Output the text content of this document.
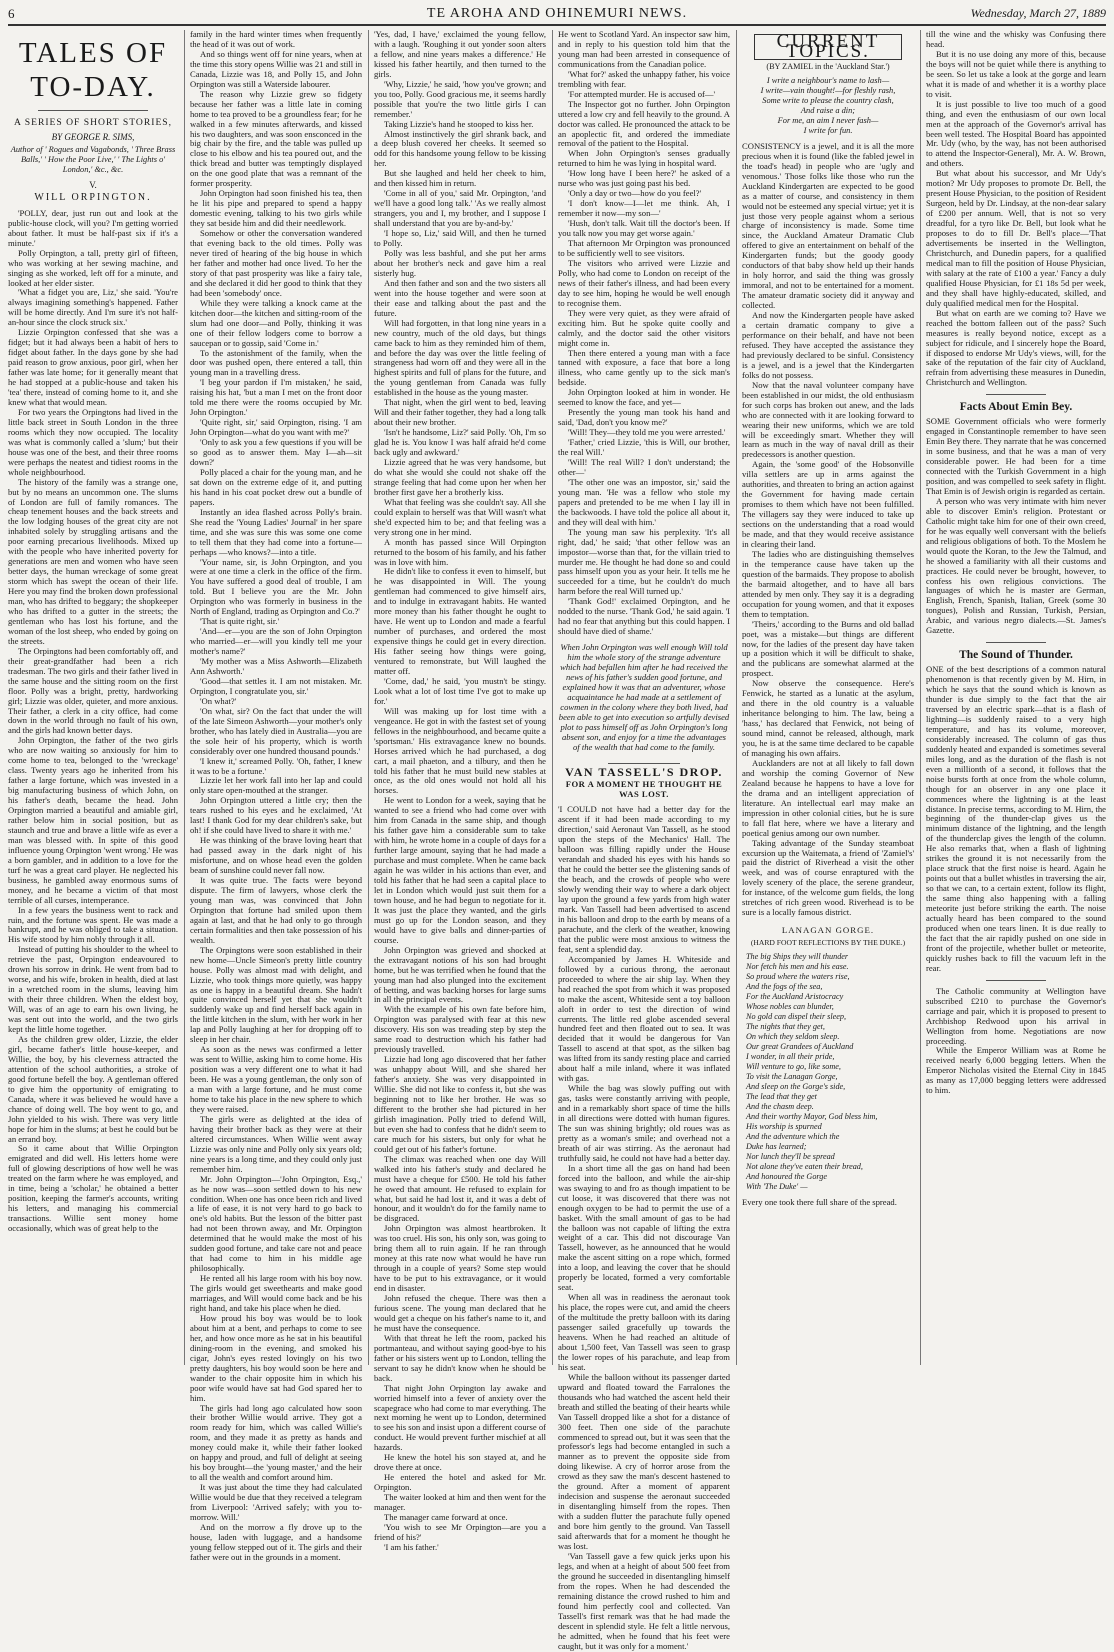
6	TE AROHA AND OHINEMURI NEWS.	Wednesday, March 27, 1889
TALES OF TO-DAY.
A SERIES OF SHORT STORIES,
BY GEORGE R. SIMS,
Author of ' Rogues and Vagabonds, ' Three Brass Balls,' ' How the Poor Live,' ' The Lights o' London,' &c., &c.
V.
WILL ORPINGTON.

'POLLY, dear, just run out and look at the public-house clock, will you? I'm getting worried about father. It must be half-past six if it's a minute.'

Polly Orpington, a tall, pretty girl of fifteen, who was working at her sewing machine, and singing as she worked, left off for a minute, and looked at her elder sister.

'What a fidget you are, Liz,' she said. 'You're always imagining something's happened. Father will be home directly. And I'm sure it's not half-an-hour since the clock struck six.'

Lizzie Orpington confessed that she was a fidget; but it had always been a habit of hers to fidget about father. In the days gone by she had paid reason to grow anxious, poor girl, when her father was late home; for it generally meant that he had stopped at a public-house and taken his 'tea' there, instead of coming home to it, and she knew what that would mean.

For two years the Orpingtons had lived in the little back street in South London in the three rooms which they now occupied. The locality was what is commonly called a 'slum;' but their house was one of the best, and their three rooms were perhaps the neatest and tidiest rooms in the whole neighbourhood.

The history of the family was a strange one, but by no means an uncommon one. The slums of London are full of family romances. The cheap tenement houses and the back streets and the low lodging houses of the great city are not inhabited solely by struggling artisans and the poor earning precarious livelihoods. Mixed up with the people who have inherited poverty for generations are men and women who have seen better days, the human wreckage of some great storm which has swept the ocean of their life. Here you may find the broken down professional man, who has drifted to beggary; the shopkeeper who has drifted to a gutter in the streets; the gentleman who has lost his fortune, and the woman of the lost sheep, who ended by going on the streets.

The Orpingtons had been comfortably off, and their great-grandfather had been a rich tradesman. The two girls and their father lived in the same house and the sitting room on the first floor. Polly was a bright, pretty, hardworking girl; Lizzie was older, quieter, and more anxious. Their father, a clerk in a city office, had come down in the world through no fault of his own, and the girls had known better days.

John Orpington, the father of the two girls who are now waiting so anxiously for him to come home to tea, belonged to the 'wreckage' class. Twenty years ago he inherited from his father a large fortune, which was invested in a big manufacturing business of which John, on his father's death, became the head. John Orpington married a beautiful and amiable girl, rather below him in social position, but as staunch and true and brave a little wife as ever a man was blessed with. In spite of this good influence young Orpington 'went wrong.' He was a born gambler, and in addition to a love for the turf he was a great card player. He neglected his business, he gambled away enormous sums of money, and he became a victim of that most terrible of all curses, intemperance.

In a few years the business went to rack and ruin, and the fortune was spent. He was made a bankrupt, and he was obliged to take a situation. His wife stood by him nobly through it all.

Instead of putting his shoulder to the wheel to retrieve the past, Orpington endeavoured to drown his sorrow in drink. He went from bad to worse, and his wife, broken in health, died at last in a wretched room in the slums, leaving him with their three children. When the eldest boy, Will, was of an age to earn his own living, he was sent out into the world, and the two girls kept the little home together.

As the children grew older, Lizzie, the elder girl, became father's little house-keeper, and Willie, the boy, by his cleverness attracted the attention of the school authorities, a stroke of good fortune befell the boy. A gentleman offered to give him the opportunity of emigrating to Canada, where it was believed he would have a chance of doing well. The boy went to go, and John yielded to his wish. There was very little hope for him in the slums; at best he could but be an errand boy.

So it came about that Willie Orpington emigrated and did well. His letters home were full of glowing descriptions of how well he was treated on the farm where he was employed, and in time, being a 'scholar,' he obtained a better position, keeping the farmer's accounts, writing his letters, and managing his commercial transactions. Willie sent money home occasionally, which was of great help to the

family in the hard winter times when frequently the head of it was out of work.

And so things went off for nine years, when at the time this story opens Willie was 21 and still in Canada, Lizzie was 18, and Polly 15, and John Orpington was still a Waterside labourer.

The reason why Lizzie grew so fidgety because her father was a little late in coming home to tea proved to be a groundless fear; for he walked in a few minutes afterwards, and kissed his two daughters, and was soon ensconced in the big chair by the fire, and the table was pulled up close to his elbow and his tea poured out, and the thick bread and butter was temptingly displayed on the one good plate that was a remnant of the former prosperity.

John Orpington had soon finished his tea, then he lit his pipe and prepared to spend a happy domestic evening, talking to his two girls while they sat beside him and did their needlework.

Somehow or other the conversation wandered that evening back to the old times. Polly was never tired of hearing of the big house in which her father and mother had once lived. To her the story of that past prosperity was like a fairy tale, and she declared it did her good to think that they had been 'somebody' once.

While they were talking a knock came at the kitchen door—the kitchen and sitting-room of the slum had one door—and Polly, thinking it was one of their fellow lodgers come to borrow a saucepan or to gossip, said 'Come in.'

To the astonishment of the family, when the door was pushed open, there entered a tall, thin young man in a travelling dress.

'I beg your pardon if I'm mistaken,' he said, raising his hat, 'but a man I met on the front door told me there were the rooms occupied by Mr. John Orpington.'

'Quite right, sir,' said Orpington, rising. 'I am John Orpington—what do you want with me?'

'Only to ask you a few questions if you will be so good as to answer them. May I—ah—sit down?'

Polly placed a chair for the young man, and he sat down on the extreme edge of it, and putting his hand in his coat pocket drew out a bundle of papers.

Instantly an idea flashed across Polly's brain. She read the 'Young Ladies' Journal' in her spare time, and she was sure this was some one come to tell them that they had come into a fortune—perhaps —who knows?—into a title.

'Your name, sir, is John Orpington, and you were at one time a clerk in the office of the firm. You have suffered a good deal of trouble, I am told. But I believe you are the Mr. John Orpington who was formerly in business in the North of England, trading as Orpington and Co.?'

'That is quite right, sir.'

'And—er—you are the son of John Orpington who married—er—will you kindly tell me your mother's name?'

'My mother was a Miss Ashworth—Elizabeth Ann Ashworth.'

'Good—that settles it. I am not mistaken. Mr. Orpington, I congratulate you, sir.'

'On what?'

'On what, sir? On the fact that under the will of the late Simeon Ashworth—your mother's only brother, who has lately died in Australia—you are the sole heir of his property, which is worth considerably over one hundred thousand pounds.'

'I knew it,' screamed Polly. 'Oh, father, I knew it was to be a fortune.'

Lizzie let her work fall into her lap and could only stare open-mouthed at the stranger.

John Orpington uttered a little cry; then the tears rushed to his eyes and he exclaimed, 'At last! I thank God for my dear children's sake, but oh! if she could have lived to share it with me.'

He was thinking of the brave loving heart that had passed away in the dark night of his misfortune, and on whose head even the golden beam of sunshine could never fall now.

It was quite true. The facts were beyond dispute. The firm of lawyers, whose clerk the young man was, was convinced that John Orpington that fortune had smiled upon them again at last, and that he had only to go through certain formalities and then take possession of his wealth.

The Orpingtons were soon established in their new home—Uncle Simeon's pretty little country house. Polly was almost mad with delight, and Lizzie, who took things more quietly, was happy as one is happy in a beautiful dream. She hadn't quite convinced herself yet that she wouldn't suddenly wake up and find herself back again in the little kitchen in the slum, with her work in her lap and Polly laughing at her for dropping off to sleep in her chair.

As soon as the news was confirmed a letter was sent to Willie, asking him to come home. His position was a very different one to what it had been. He was a young gentleman, the only son of a man with a large fortune, and he must come home to take his place in the new sphere to which they were raised.

The girls were as delighted at the idea of having their brother back as they were at their altered circumstances. When Willie went away Lizzie was only nine and Polly only six years old; nine years is a long time, and they could only just remember him.

Mr. John Orpington—'John Orpington, Esq.,' as he now was—soon settled down to his new condition. When one has once been rich and lived a life of ease, it is not very hard to go back to one's old habits. But the lesson of the bitter past had not been thrown away, and Mr. Orpington determined that he would make the most of his sudden good fortune, and take care not and peace that had come to him in his middle age philosophically.

He rented all his large room with his boy now. The girls would get sweethearts and make good marriages, and Will would come back and be his right hand, and take his place when he died.

How proud his boy was would be to look about him at a bent, and perhaps to come to see her, and how once more as he sat in his beautiful dining-room in the evening, and smoked his cigar, John's eyes rested lovingly on his two pretty daughters, his boy would soon be here and wander to the chair opposite him in which his poor wife would have sat had God spared her to him.

The girls had long ago calculated how soon their brother Willie would arrive. They got a room ready for him, which was called Willie's room, and they made it as pretty as hands and money could make it, while their father looked on happy and proud, and full of delight at seeing his boy brought—the 'young master,' and the heir to all the wealth and comfort around him.

It was just about the time they had calculated Willie would be due that they received a telegram from Liverpool: 'Arrived safely; with you to-morrow. Will.'

And on the morrow a fly drove up to the house, laden with luggage, and a handsome young fellow stepped out of it. The girls and their father were out in the grounds in a moment.

'Yes, dad, I have,' exclaimed the young fellow, with a laugh. 'Roughing it out yonder soon alters a fellow, and nine years makes a difference.' He kissed his father heartily, and then turned to the girls.

'Why, Lizzie,' he said, 'how you've grown; and you too, Polly. Good gracious me, it seems hardly possible that you're the two little girls I can remember.'

Taking Lizzie's hand he stooped to kiss her.

Almost instinctively the girl shrank back, and a deep blush covered her cheeks. It seemed so odd for this handsome young fellow to be kissing her.

But she laughed and held her cheek to him, and then kissed him in return.

'Come in all of you,' said Mr. Orpington, 'and we'll have a good long talk.' 'As we really almost strangers, you and I, my brother, and I suppose I shall understand that you are by-and-by.'

'I hope so, Liz,' said Will, and then he turned to Polly.

Polly was less bashful, and she put her arms about her brother's neck and gave him a real sisterly hug.

And then father and son and the two sisters all went into the house together and were soon at their ease and talking about the past and the future.

Will had forgotten, in that long nine years in a new country, much of the old days, but things came back to him as they reminded him of them, and before the day was over the little feeling of strangeness had worn off and they were all in the highest spirits and full of plans for the future, and the young gentleman from Canada was fully established in the house as the young master.

That night, when the girl went to bed, leaving Will and their father together, they had a long talk about their new brother.

'Isn't he handsome, Liz?' said Polly. 'Oh, I'm so glad he is. You know I was half afraid he'd come back ugly and awkward.'

Lizzie agreed that he was very handsome, but do what she would she could not shake off the strange feeling that had come upon her when her brother first gave her a brotherly kiss.

What that feeling was she couldn't say. All she could explain to herself was that Will wasn't what she'd expected him to be; and that feeling was a very strong one in her mind.

A month has passed since Will Orpington returned to the bosom of his family, and his father was in love with him.

He didn't like to confess it even to himself, but he was disappointed in Will. The young gentleman had commenced to give himself airs, and to indulge in extravagant habits. He wanted more money than his father thought he ought to have. He went up to London and made a fearful number of purchases, and ordered the most expensive things he could get in every direction. His father seeing how things were going, ventured to remonstrate, but Will laughed the matter off.

'Come, dad,' he said, 'you mustn't be stingy. Look what a lot of lost time I've got to make up for.'

Will was making up for lost time with a vengeance. He got in with the fastest set of young fellows in the neighbourhood, and became quite a 'sportsman.' His extravagance knew no bounds. Horses arrived which he had purchased, a dog cart, a mail phaeton, and a tilbury, and then he told his father that he must build new stables at once, as the old ones would not hold all his horses.

He went to London for a week, saying that he wanted to see a friend who had come over with him from Canada in the same ship, and though his father gave him a considerable sum to take with him, he wrote home in a couple of days for a further large amount, saying that he had made a purchase and must complete. When he came back again he was wilder in his actions than ever, and told his father that he had seen a capital place to let in London which would just suit them for a town house, and he had begun to negotiate for it. It was just the place they wanted, and the girls must go up for the London season, and they would have to give balls and dinner-parties of course.

John Orpington was grieved and shocked at the extravagant notions of his son had brought home, but he was terrified when he found that the young man had also plunged into the excitement of betting, and was backing horses for large sums in all the principal events.

With the example of his own fate before him, Orpington was paralysed with fear at this new discovery. His son was treading step by step the same road to destruction which his father had previously travelled.

Lizzie had long ago discovered that her father was unhappy about Will, and she shared her father's anxiety. She was very disappointed in Willie. She did not like to confess it, but she was beginning not to like her brother. He was so different to the brother she had pictured in her girlish imagination. Polly tried to defend Will, but even she had to confess that he didn't seem to care much for his sisters, but only for what he could get out of his father's fortune.

The climax was reached when one day Will walked into his father's study and declared he must have a cheque for £500. He told his father he owed that amount. He refused to explain for what, but said he had lost it, and it was a debt of honour, and it wouldn't do for the family name to be disgraced.

John Orpington was almost heartbroken. It was too cruel. His son, his only son, was going to bring them all to ruin again. If he ran through money at this rate now what would he have run through in a couple of years? Some step would have to be put to his extravagance, or it would end in disaster.

John refused the cheque. There was then a furious scene. The young man declared that he would get a cheque on his father's name to it, and he must have the consequence.

With that threat he left the room, packed his portmanteau, and without saying good-bye to his father or his sisters went up to London, telling the servant to say he didn't know when he should be back.

That night John Orpington lay awake and worried himself into a fever of anxiety over the scapegrace who had come to mar everything. The next morning he went up to London, determined to see his son and insist upon a different course of conduct. He would prevent further mischief at all hazards.

He knew the hotel his son stayed at, and he drove there at once.

He entered the hotel and asked for Mr. Orpington.

The waiter looked at him and then went for the manager.

The manager came forward at once.

'You wish to see Mr Orpington—are you a friend of his?'

'I am his father.'

He went to Scotland Yard. An inspector saw him, and in reply to his question told him that the young man had been arrested in consequence of communications from the Canadian police.

'What for?' asked the unhappy father, his voice trembling with fear.

'For attempted murder. He is accused of—'

The Inspector got no further. John Orpington uttered a low cry and fell heavily to the ground. A doctor was called. He pronounced the attack to be an apoplectic fit, and ordered the immediate removal of the patient to the Hospital.

When John Orpington's senses gradually returned to him he was lying in hospital ward.

'How long have I been here?' he asked of a nurse who was just going past his bed.

'Only a day or two—how do you feel?'

'I don't know—I—let me think. Ah, I remember it now—my son—'

'Hush, don't talk. Wait till the doctor's been. If you talk now you may get worse again.'

That afternoon Mr Orpington was pronounced to be sufficiently well to see visitors.

The visitors who arrived were Lizzie and Polly, who had come to London on receipt of the news of their father's illness, and had been every day to see him, hoping he would be well enough to recognise them.

They were very quiet, as they were afraid of exciting him. But he spoke quite coolly and calmly, and the doctor said the other visitors might come in.

Then there entered a young man with a face tanned with exposure, a face that bore a long illness, who came gently up to the sick man's bedside.

John Orpington looked at him in wonder. He seemed to know the face, and yet—

Presently the young man took his hand and said, 'Dad, don't you know me?'

'Will! They—they told me you were arrested.'

'Father,' cried Lizzie, 'this is Will, our brother, the real Will.'

'Will! The real Will? I don't understand; the other—'

'The other one was an impostor, sir,' said the young man. 'He was a fellow who stole my papers and pretended to be me when I lay ill in the backwoods. I have told the police all about it, and they will deal with him.'

The young man saw his perplexity. 'It's all right, dad,' he said; 'that other fellow was an impostor—worse than that, for the villain tried to murder me. He thought he had done so and could pass himself upon you as your heir. It tells me he succeeded for a time, but he couldn't do much harm before the real Will turned up.'

'Thank God!' exclaimed Orpington, and he nodded to the nurse. 'Thank God,' he said again. 'I had no fear that anything but this could happen. I should have died of shame.'

When John Orpington was well enough Will told him the whole story of the strange adventure which had befallen him after he had received the news of his father's sudden good fortune, and explained how it was that an adventurer, whose acquaintance he had made at a settlement of cowmen in the colony where they both lived, had been able to get into execution so artfully devised plot to pass himself off as John Orpington's long absent son, and enjoy for a time the advantages of the wealth that had come to the family.
VAN TASSELL'S DROP.
FOR A MOMENT HE THOUGHT HE WAS LOST.

'I COULD not have had a better day for the ascent if it had been made according to my direction,' said Aeronaut Van Tassell, as he stood upon the steps of the Mechanics' Hall. The balloon was filling rapidly under the House verandah and shaded his eyes with his hands so that he could the better see the glistening sands of the beach, and the crowds of people who were slowly wending their way to where a dark object lay upon the ground a few yards from high water mark. Van Tassell had been advertised to ascend in his balloon and drop to the earth by means of a parachute, and the clerk of the weather, knowing that the public were most anxious to witness the feat, sent a splendid day.

Accompanied by James H. Whiteside and followed by a curious throng, the aeronaut proceeded to where the air ship lay. When they had reached the spot from which it was proposed to make the ascent, Whiteside sent a toy balloon aloft in order to test the direction of wind currents. The little red globe ascended several hundred feet and then floated out to sea. It was decided that it would be dangerous for Van Tassell to ascend at that spot, as the silken bag was lifted from its sandy resting place and carried about half a mile inland, where it was inflated with gas.

While the bag was slowly puffing out with gas, tasks were constantly arriving with people, and in a remarkably short space of time the hills in all directions were dotted with human figures. The sun was shining brightly; old roues was as pretty as a woman's smile; and overhead not a breath of air was stirring. As the aeronaut had truthfully said, he could not have had a better day.

In a short time all the gas on hand had been forced into the balloon, and while the air-ship was swaying to and fro as though impatient to be cut loose, it was discovered that there was not enough oxygen to be had to permit the use of a basket. With the small amount of gas to be had the balloon was not capable of lifting the extra weight of a car. This did not discourage Van Tassell, however, as he announced that he would make the ascent sitting on a rope which, formed into a loop, and leaving the cover that he should properly be located, formed a very comfortable seat.

When all was in readiness the aeronaut took his place, the ropes were cut, and amid the cheers of the multitude the pretty balloon with its daring passenger sailed gracefully up towards the heavens. When he had reached an altitude of about 1,500 feet, Van Tassell was seen to grasp the lower ropes of his parachute, and leap from his seat.

While the balloon without its passenger darted upward and floated toward the Farralones the thousands who had watched the ascent held their breath and stilled the beating of their hearts while Van Tassell dropped like a shot for a distance of 300 feet. Then one side of the parachute commenced to spread out, but it was seen that the professor's legs had become entangled in such a manner as to prevent the opposite side from doing likewise. A cry of horror arose from the crowd as they saw the man's descent hastened to the ground. After a moment of apparent indecision and suspense the aeronaut succeeded in disentangling himself from the ropes. Then with a sudden flutter the parachute fully opened and bore him gently to the ground. Van Tassell said afterwards that for a moment he thought he was lost.

'Van Tassell gave a few quick jerks upon his legs, and when at a height of about 500 feet from the ground he succeeded in disentangling himself from the ropes. When he had descended the remaining distance the crowd rushed to him and found him perfectly cool and collected. Van Tassell's first remark was that he had made the descent in splendid style. He felt a little nervous, he admitted, when he found that his feet were caught, but it was only for a moment.'

CURRENT TOPICS.
(BY ZAMIEL in the 'Auckland Star.')
I write a neighbour's name to lash—
I write—vain thought!—for fleshly rash,
Some write to please the country clash,
And raise a din;
For me, an aim I never fash—
I write for fun.

CONSISTENCY is a jewel, and it is all the more precious when it is found (like the fabled jewel in the toad's head) in people who are 'ugly and venomous.' Those folks like those who run the Auckland Kindergarten are expected to be good as a matter of course, and consistency in them would not be esteemed any special virtue; yet it is just those very people against whom a serious charge of inconsistency is made. Some time since, the Auckland Amateur Dramatic Club offered to give an entertainment on behalf of the Kindergarten funds; but the goody goody conductors of that baby show held up their hands in holy horror, and said the thing was grossly immoral, and not to be entertained for a moment. The amateur dramatic society did it anyway and collected.

And now the Kindergarten people have asked a certain dramatic company to give a performance on their behalf, and have not been refused. They have accepted the assistance they had previously declared to be sinful. Consistency is a jewel, and is a jewel that the Kindergarten folks do not possess.

Now that the naval volunteer company have been established in our midst, the old enthusiasm for such corps has broken out anew, and the lads who are connected with it are looking forward to wearing their new uniforms, which we are told will be exceedingly smart. Whether they will learn as much in the way of naval drill as their predecessors is another question.

Again, the 'some good' of the Hobsonville villa settlers are up in arms against the authorities, and threaten to bring an action against the Government for having made certain promises to them which have not been fulfilled. The villagers say they were induced to take up sections on the understanding that a road would be made, and that they would receive assistance in clearing their land.

The ladies who are distinguishing themselves in the temperance cause have taken up the question of the barmaids. They propose to abolish the barmaid altogether, and to have all bars attended by men only. They say it is a degrading occupation for young women, and that it exposes them to temptation.

'Theirs,' according to the Burns and old ballad poet, was a mistake—but things are different now, for the ladies of the present day have taken up a position which it will be difficult to shake, and the publicans are somewhat alarmed at the prospect.

Now observe the consequence. Here's Fenwick, he started as a lunatic at the asylum, and there in the old country is a valuable inheritance belonging to him. The law, being a 'hass,' has declared that Fenwick, not being of sound mind, cannot be released, although, mark you, he is at the same time declared to be capable of managing his own affairs.

Aucklanders are not at all likely to fall down and worship the coming Governor of New Zealand because he happens to have a love for the drama and an intelligent appreciation of literature. An intellectual earl may make an impression in other colonial cities, but he is sure to fall flat here, where we have a literary and poetical genius among our own number.

Taking advantage of the Sunday steamboat excursion up the Waitemata, a friend of 'Zamiel's' paid the district of Riverhead a visit the other week, and was of course enraptured with the lovely scenery of the place, the serene grandeur, for instance, of the welcome gum fields, the long stretches of rich green wood. Riverhead is to be sure is a locally famous district.

LANAGAN GORGE.
(HARD FOOT REFLECTIONS BY THE DUKE.)
The big Ships they will thunder
Nor fetch his men and his ease.
So proud where the waters rise,
And the fogs of the sea,
For the Auckland Aristocracy
Whose nobles can blunder,
No gold can dispel their sleep,
The nights that they get,
On which they seldom sleep.
Our great Grandees of Auckland
I wonder, in all their pride,
Will venture to go, like some,
To visit the Lanagan Gorge,
And sleep on the Gorge's side,
The lead that they get
And the chasm deep.
And their worthy Mayor, God bless him,
His worship is spurned
And the adventure which the
Duke has learned;
Nor lunch they'll be spread
Not alone they've eaten their bread,
And honoured the Gorge
With 'The Duke' —

Every one took there full share of the spread.

till the wine and the whisky was Confusing there head.

But it is no use doing any more of this, because the boys will not be quiet while there is anything to be seen. So let us take a look at the gorge and learn what it is made of and whether it is a worthy place to visit.

It is just possible to live too much of a good thing, and even the enthusiasm of our own local men at the approach of the Governor's arrival has been well tested. The Hospital Board has appointed Mr. Udy (who, by the way, has not been authorised to attend the Inspector-General), Mr. A. W. Brown, and others.

But what about his successor, and Mr Udy's motion? Mr Udy proposes to promote Dr. Bell, the present House Physician, to the position of Resident Surgeon, held by Dr. Lindsay, at the non-dear salary of £200 per annum. Well, that is not so very dreadful, for a tyro like Dr. Bell, but look what he proposes to do to fill Dr. Bell's place—'That advertisements be inserted in the Wellington, Christchurch, and Dunedin papers, for a qualified medical man to fill the position of House Physician, with salary at the rate of £100 a year.' Fancy a duly qualified House Physician, for £1 18s 5d per week, and they shall have highly-educated, skilled, and duly qualified medical men for the Hospital.

But what on earth are we coming to? Have we reached the bottom falleen out of the pass? Such measures is really beyond notice, except as a subject for ridicule, and I sincerely hope the Board, if disposed to endorse Mr Udy's views, will, for the sake of the reputation of the fair city of Auckland, refrain from advertising these measures in Dunedin, Christchurch and Wellington.

Facts About Emin Bey.

SOME Government officials who were formerly engaged in Constantinople remember to have seen Emin Bey there. They narrate that he was concerned in some business, and that he was a man of very considerable power. He had been for a time connected with the Turkish Government in a high position, and was compelled to seek safety in flight. That Emin is of Jewish origin is regarded as certain.

A person who was very intimate with him never able to discover Emin's religion. Protestant or Catholic might take him for one of their own creed, for he was equally well conversant with the beliefs and religious obligations of both. To the Moslem he would quote the Koran, to the Jew the Talmud, and he showed a familiarity with all their customs and practices. He could never be brought, however, to confess his own religious convictions. The languages of which he is master are German, English, French, Spanish, Italian, Greek (some 30 tongues), Polish and Russian, Turkish, Persian, Arabic, and various negro dialects.—St. James's Gazette.

The Sound of Thunder.

ONE of the best descriptions of a common natural phenomenon is that recently given by M. Hirn, in which he says that the sound which is known as thunder is due simply to the fact that the air traversed by an electric spark—that is a flash of lightning—is suddenly raised to a very high temperature, and has its volume, moreover, considerably increased. The column of gas thus suddenly heated and expanded is sometimes several miles long, and as the duration of the flash is not even a millionth of a second, it follows that the noise bursts forth at once from the whole column, though for an observer in any one place it commences where the lightning is at the least distance. In precise terms, according to M. Hirn, the beginning of the thunder-clap gives us the minimum distance of the lightning, and the length of the thunderclap gives the length of the column. He also remarks that, when a flash of lightning strikes the ground it is not necessarily from the place struck that the first noise is heard. Again he points out that a bullet whistles in traversing the air, so that we can, to a certain extent, follow its flight, the same thing also happening with a falling meteorite just before striking the earth. The noise actually heard has been compared to the sound produced when one tears linen. It is due really to the fact that the air rapidly pushed on one side in front of the projectile, whether bullet or meteorite, quickly rushes back to fill the vacuum left in the rear.

The Catholic community at Wellington have subscribed £210 to purchase the Governor's carriage and pair, which it is proposed to present to Archbishop Redwood upon his arrival in Wellington from home. Negotiations are now proceeding.

While the Emperor William was at Rome he received nearly 6,000 begging letters. When the Emperor Nicholas visited the Eternal City in 1845 as many as 17,000 begging letters were addressed to him.
